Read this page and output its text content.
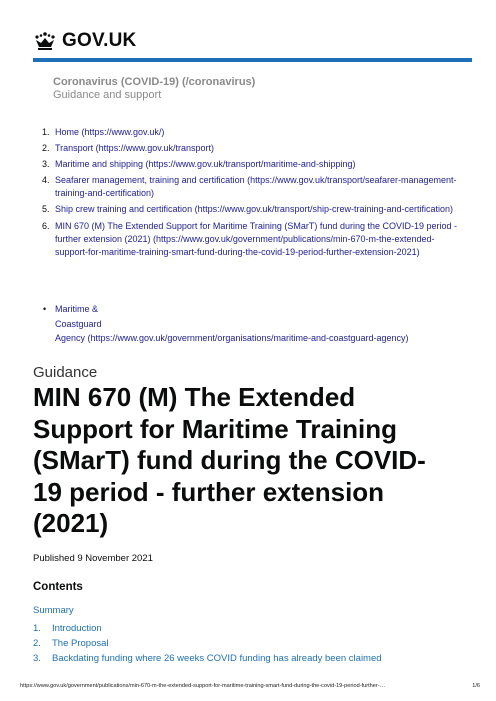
GOV.UK
Coronavirus (COVID-19) (/coronavirus)
Guidance and support
1. Home (https://www.gov.uk/)
2. Transport (https://www.gov.uk/transport)
3. Maritime and shipping (https://www.gov.uk/transport/maritime-and-shipping)
4. Seafarer management, training and certification (https://www.gov.uk/transport/seafarer-management-training-and-certification)
5. Ship crew training and certification (https://www.gov.uk/transport/ship-crew-training-and-certification)
6. MIN 670 (M) The Extended Support for Maritime Training (SMarT) fund during the COVID-19 period - further extension (2021) (https://www.gov.uk/government/publications/min-670-m-the-extended-support-for-maritime-training-smart-fund-during-the-covid-19-period-further-extension-2021)
• Maritime &
Coastguard
Agency (https://www.gov.uk/government/organisations/maritime-and-coastguard-agency)
Guidance
MIN 670 (M) The Extended Support for Maritime Training (SMarT) fund during the COVID-19 period - further extension (2021)
Published 9 November 2021
Contents
Summary
1.	Introduction
2.	The Proposal
3.	Backdating funding where 26 weeks COVID funding has already been claimed
https://www.gov.uk/government/publications/min-670-m-the-extended-support-for-maritime-training-smart-fund-during-the-covid-19-period-further-…	1/6
